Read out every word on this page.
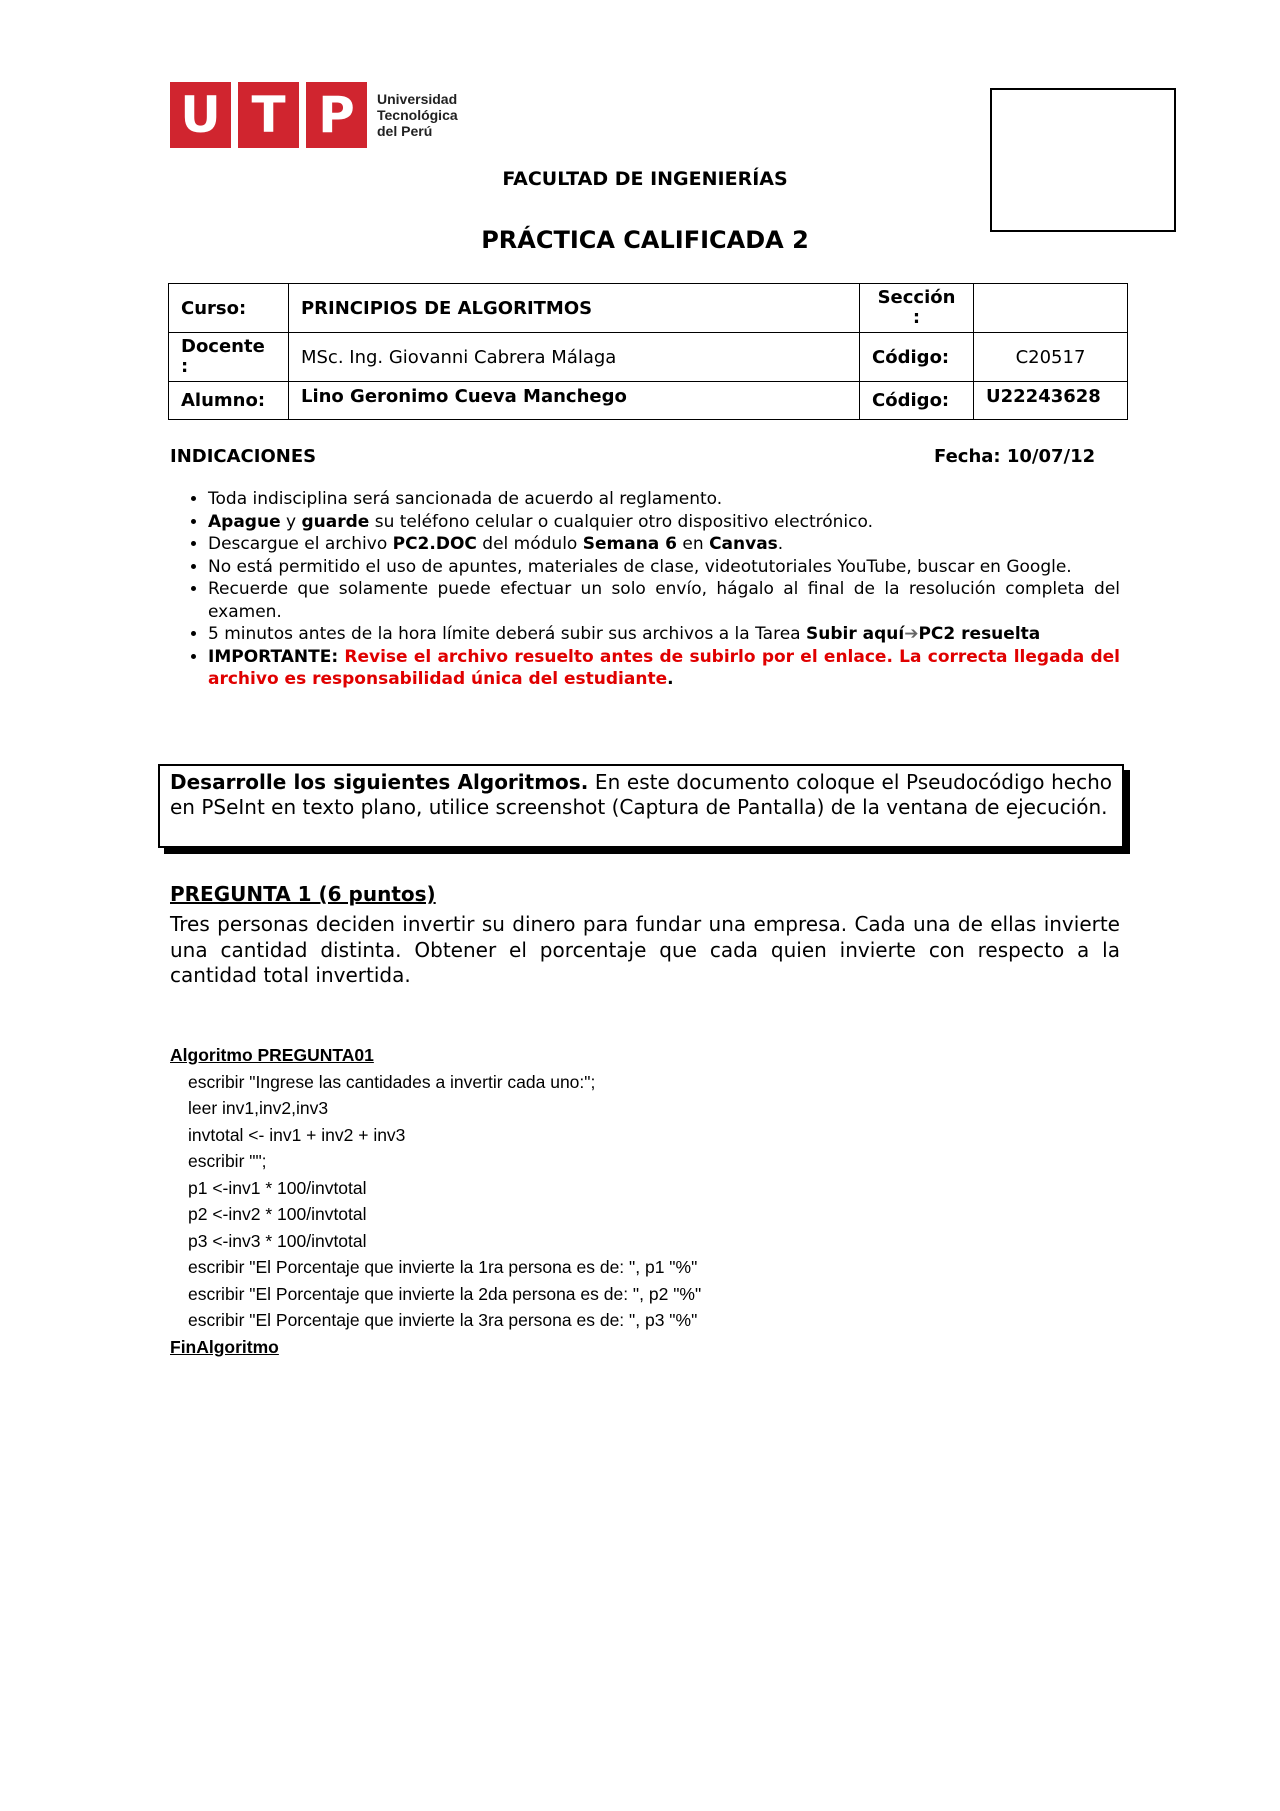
U T P Universidad
Tecnológica
del Perú
FACULTAD DE INGENIERÍAS
PRÁCTICA CALIFICADA 2
Curso:	PRINCIPIOS DE ALGORITMOS	Sección :	
Docente :	MSc. Ing. Giovanni Cabrera Málaga	Código:	C20517
Alumno:	Lino Geronimo Cueva Manchego	Código:	U22243628
INDICACIONES	Fecha: 10/07/12
• Toda indisciplina será sancionada de acuerdo al reglamento.
• Apague y guarde su teléfono celular o cualquier otro dispositivo electrónico.
• Descargue el archivo PC2.DOC del módulo Semana 6 en Canvas.
• No está permitido el uso de apuntes, materiales de clase, videotutoriales YouTube, buscar en Google.
• Recuerde que solamente puede efectuar un solo envío, hágalo al final de la resolución completa del examen.
• 5 minutos antes de la hora límite deberá subir sus archivos a la Tarea Subir aquí➔PC2 resuelta
• IMPORTANTE: Revise el archivo resuelto antes de subirlo por el enlace. La correcta llegada del archivo es responsabilidad única del estudiante.
Desarrolle los siguientes Algoritmos. En este documento coloque el Pseudocódigo hecho en PSeInt en texto plano, utilice screenshot (Captura de Pantalla) de la ventana de ejecución.
PREGUNTA 1 (6 puntos)
Tres personas deciden invertir su dinero para fundar una empresa. Cada una de ellas invierte una cantidad distinta. Obtener el porcentaje que cada quien invierte con respecto a la cantidad total invertida.
Algoritmo PREGUNTA01
escribir "Ingrese las cantidades a invertir cada uno:";
leer inv1,inv2,inv3
invtotal <- inv1 + inv2 + inv3
escribir "";
p1 <-inv1 * 100/invtotal
p2 <-inv2 * 100/invtotal
p3 <-inv3 * 100/invtotal
escribir "El Porcentaje que invierte la 1ra persona es de: ", p1 "%"
escribir "El Porcentaje que invierte la 2da persona es de: ", p2 "%"
escribir "El Porcentaje que invierte la 3ra persona es de: ", p3 "%"
FinAlgoritmo
